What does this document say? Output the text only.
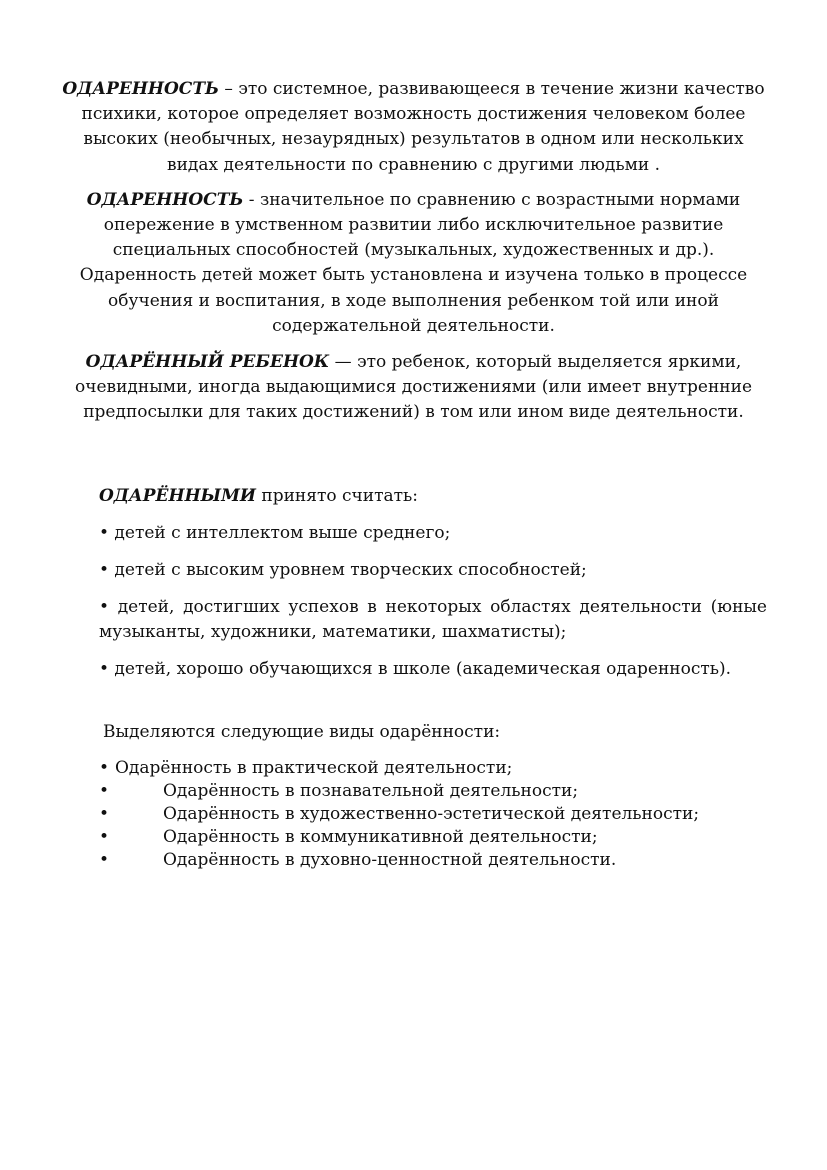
ОДАРЕННОСТЬ – это системное, развивающееся в течение жизни качество психики, которое определяет возможность достижения человеком более высоких (необычных, незаурядных) результатов в одном или нескольких видах деятельности по сравнению с другими людьми .

ОДАРЕННОСТЬ - значительное по сравнению с возрастными нормами опережение в умственном развитии либо исключительное развитие специальных способностей (музыкальных, художественных и др.). Одаренность детей может быть установлена и изучена только в процессе обучения и воспитания, в ходе выполнения ребенком той или иной содержательной деятельности.

ОДАРЁННЫЙ РЕБЕНОК — это ребенок, который выделяется яркими, очевидными, иногда выдающимися достижениями (или имеет внутренние предпосылки для таких достижений) в том или ином виде деятельности.

ОДАРЁННЫМИ принято считать:

• детей с интеллектом выше среднего;

• детей с высоким уровнем творческих способностей;

• детей, достигших успехов в некоторых областях деятельности (юные музыканты, художники, математики, шахматисты);

• детей, хорошо обучающихся в школе (академическая одаренность).

Выделяются следующие виды одарённости:

• Одарённость в практической деятельности;
•	Одарённость в познавательной деятельности;
•	Одарённость в художественно-эстетической деятельности;
•	Одарённость в коммуникативной деятельности;
•	Одарённость в духовно-ценностной деятельности.
